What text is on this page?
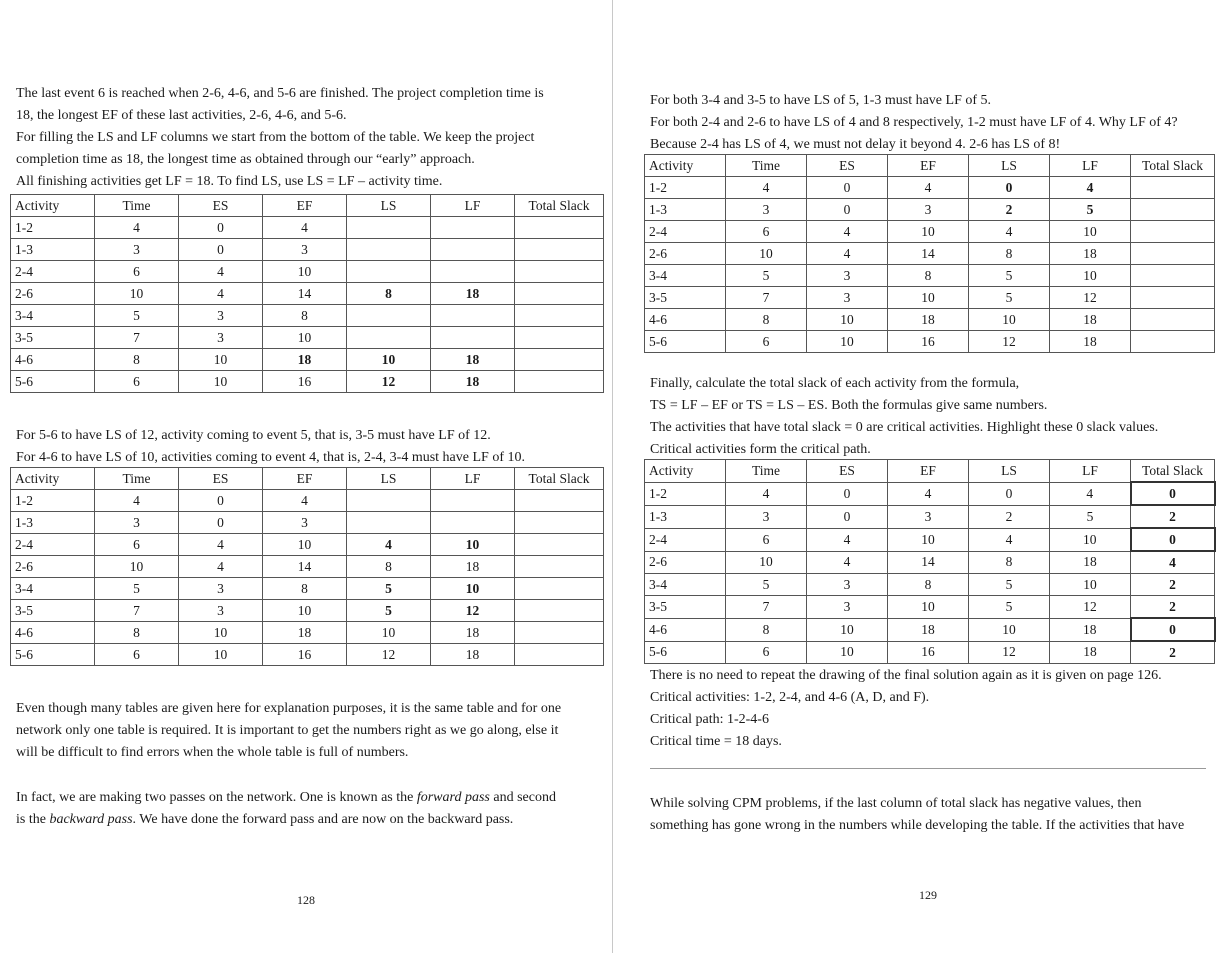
The last event 6 is reached when 2-6, 4-6, and 5-6 are finished. The project completion time is
18, the longest EF of these last activities, 2-6, 4-6, and 5-6.
For filling the LS and LF columns we start from the bottom of the table. We keep the project
completion time as 18, the longest time as obtained through our “early” approach.
All finishing activities get LF = 18. To find LS, use LS = LF – activity time.

Activity	Time	ES	EF	LS	LF	Total Slack
1-2	4	0	4			
1-3	3	0	3			
2-4	6	4	10			
2-6	10	4	14	8	18	
3-4	5	3	8			
3-5	7	3	10			
4-6	8	10	18	10	18	
5-6	6	10	16	12	18	

For 5-6 to have LS of 12, activity coming to event 5, that is, 3-5 must have LF of 12.
For 4-6 to have LS of 10, activities coming to event 4, that is, 2-4, 3-4 must have LF of 10.

Activity	Time	ES	EF	LS	LF	Total Slack
1-2	4	0	4			
1-3	3	0	3			
2-4	6	4	10	4	10	
2-6	10	4	14	8	18	
3-4	5	3	8	5	10	
3-5	7	3	10	5	12	
4-6	8	10	18	10	18	
5-6	6	10	16	12	18	

Even though many tables are given here for explanation purposes, it is the same table and for one
network only one table is required. It is important to get the numbers right as we go along, else it
will be difficult to find errors when the whole table is full of numbers.

In fact, we are making two passes on the network. One is known as the forward pass and second
is the backward pass. We have done the forward pass and are now on the backward pass.

128

For both 3-4 and 3-5 to have LS of 5, 1-3 must have LF of 5.
For both 2-4 and 2-6 to have LS of 4 and 8 respectively, 1-2 must have LF of 4. Why LF of 4?
Because 2-4 has LS of 4, we must not delay it beyond 4. 2-6 has LS of 8!

Activity	Time	ES	EF	LS	LF	Total Slack
1-2	4	0	4	0	4	
1-3	3	0	3	2	5	
2-4	6	4	10	4	10	
2-6	10	4	14	8	18	
3-4	5	3	8	5	10	
3-5	7	3	10	5	12	
4-6	8	10	18	10	18	
5-6	6	10	16	12	18	

Finally, calculate the total slack of each activity from the formula,
TS = LF – EF or TS = LS – ES. Both the formulas give same numbers.
The activities that have total slack = 0 are critical activities. Highlight these 0 slack values.
Critical activities form the critical path.

Activity	Time	ES	EF	LS	LF	Total Slack
1-2	4	0	4	0	4	0
1-3	3	0	3	2	5	2
2-4	6	4	10	4	10	0
2-6	10	4	14	8	18	4
3-4	5	3	8	5	10	2
3-5	7	3	10	5	12	2
4-6	8	10	18	10	18	0
5-6	6	10	16	12	18	2

There is no need to repeat the drawing of the final solution again as it is given on page 126.
Critical activities: 1-2, 2-4, and 4-6 (A, D, and F).
Critical path: 1-2-4-6
Critical time = 18 days.

While solving CPM problems, if the last column of total slack has negative values, then
something has gone wrong in the numbers while developing the table. If the activities that have

129
